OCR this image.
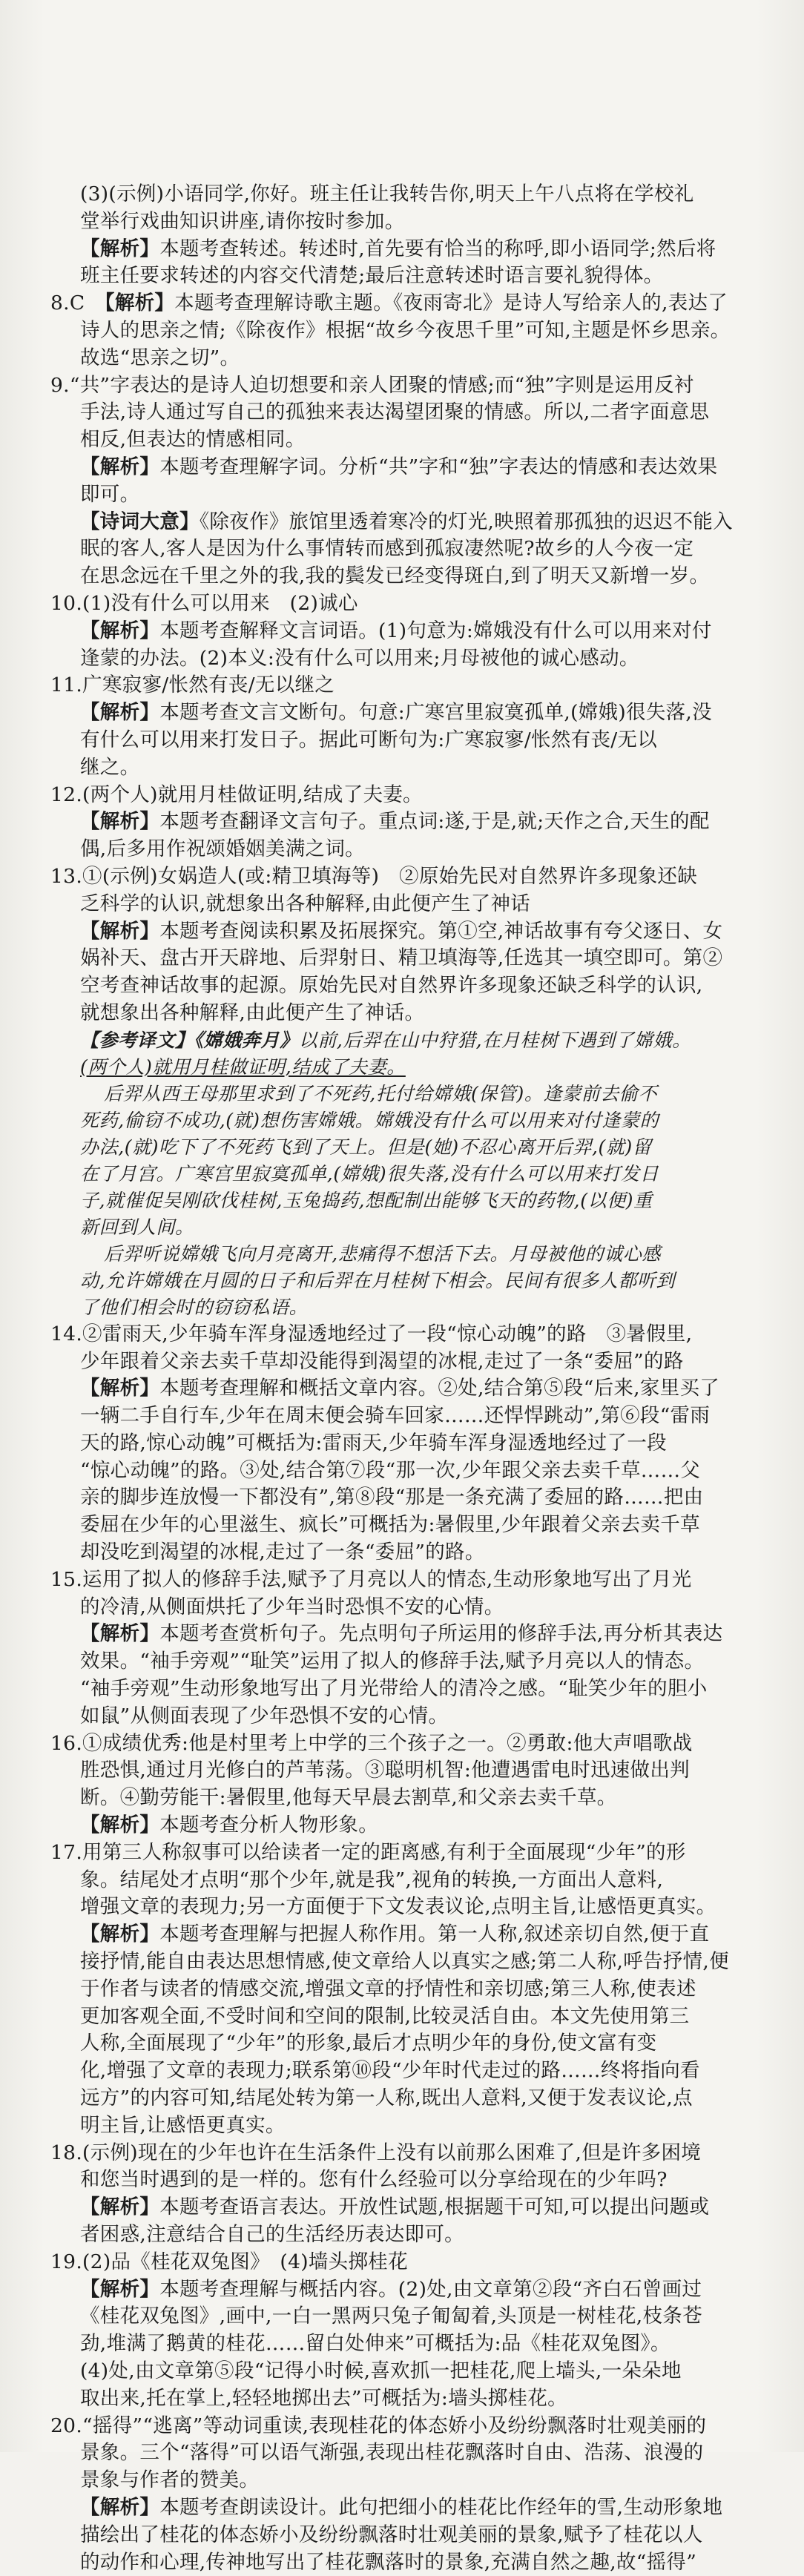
(3)(示例)小语同学,你好。班主任让我转告你,明天上午八点将在学校礼

堂举行戏曲知识讲座,请你按时参加。

【解析】本题考查转述。转述时,首先要有恰当的称呼,即小语同学;然后将

班主任要求转述的内容交代清楚;最后注意转述时语言要礼貌得体。

8.C　【解析】本题考查理解诗歌主题。《夜雨寄北》是诗人写给亲人的,表达了

诗人的思亲之情;《除夜作》根据“故乡今夜思千里”可知,主题是怀乡思亲。

故选“思亲之切”。

9.“共”字表达的是诗人迫切想要和亲人团聚的情感;而“独”字则是运用反衬

手法,诗人通过写自己的孤独来表达渴望团聚的情感。所以,二者字面意思

相反,但表达的情感相同。

【解析】本题考查理解字词。分析“共”字和“独”字表达的情感和表达效果

即可。

【诗词大意】《除夜作》旅馆里透着寒冷的灯光,映照着那孤独的迟迟不能入

眠的客人,客人是因为什么事情转而感到孤寂凄然呢?故乡的人今夜一定

在思念远在千里之外的我,我的鬓发已经变得斑白,到了明天又新增一岁。

10.(1)没有什么可以用来　(2)诚心

【解析】本题考查解释文言词语。(1)句意为:嫦娥没有什么可以用来对付

逢蒙的办法。(2)本义:没有什么可以用来;月母被他的诚心感动。

11.广寒寂寥/怅然有丧/无以继之

【解析】本题考查文言文断句。句意:广寒宫里寂寞孤单,(嫦娥)很失落,没

有什么可以用来打发日子。据此可断句为:广寒寂寥/怅然有丧/无以

继之。

12.(两个人)就用月桂做证明,结成了夫妻。

【解析】本题考查翻译文言句子。重点词:遂,于是,就;天作之合,天生的配

偶,后多用作祝颂婚姻美满之词。

13.①(示例)女娲造人(或:精卫填海等)　②原始先民对自然界许多现象还缺

乏科学的认识,就想象出各种解释,由此便产生了神话

【解析】本题考查阅读积累及拓展探究。第①空,神话故事有夸父逐日、女

娲补天、盘古开天辟地、后羿射日、精卫填海等,任选其一填空即可。第②

空考查神话故事的起源。原始先民对自然界许多现象还缺乏科学的认识,

就想象出各种解释,由此便产生了神话。

【参考译文】《嫦娥奔月》以前,后羿在山中狩猎,在月桂树下遇到了嫦娥。

(两个人)就用月桂做证明,结成了夫妻。

后羿从西王母那里求到了不死药,托付给嫦娥(保管)。逢蒙前去偷不

死药,偷窃不成功,(就)想伤害嫦娥。嫦娥没有什么可以用来对付逢蒙的

办法,(就)吃下了不死药飞到了天上。但是(她)不忍心离开后羿,(就)留

在了月宫。广寒宫里寂寞孤单,(嫦娥)很失落,没有什么可以用来打发日

子,就催促吴刚砍伐桂树,玉兔捣药,想配制出能够飞天的药物,(以便)重

新回到人间。

后羿听说嫦娥飞向月亮离开,悲痛得不想活下去。月母被他的诚心感

动,允许嫦娥在月圆的日子和后羿在月桂树下相会。民间有很多人都听到

了他们相会时的窃窃私语。

14.②雷雨天,少年骑车浑身湿透地经过了一段“惊心动魄”的路　③暑假里,

少年跟着父亲去卖千草却没能得到渴望的冰棍,走过了一条“委屈”的路

【解析】本题考查理解和概括文章内容。②处,结合第⑤段“后来,家里买了

一辆二手自行车,少年在周末便会骑车回家……还悍悍跳动”,第⑥段“雷雨

天的路,惊心动魄”可概括为:雷雨天,少年骑车浑身湿透地经过了一段

“惊心动魄”的路。③处,结合第⑦段“那一次,少年跟父亲去卖千草……父

亲的脚步连放慢一下都没有”,第⑧段“那是一条充满了委屈的路……把由

委屈在少年的心里滋生、疯长”可概括为:暑假里,少年跟着父亲去卖千草

却没吃到渴望的冰棍,走过了一条“委屈”的路。

15.运用了拟人的修辞手法,赋予了月亮以人的情态,生动形象地写出了月光

的冷清,从侧面烘托了少年当时恐惧不安的心情。

【解析】本题考查赏析句子。先点明句子所运用的修辞手法,再分析其表达

效果。“袖手旁观”“耻笑”运用了拟人的修辞手法,赋予月亮以人的情态。

“袖手旁观”生动形象地写出了月光带给人的清冷之感。“耻笑少年的胆小

如鼠”从侧面表现了少年恐惧不安的心情。

16.①成绩优秀:他是村里考上中学的三个孩子之一。②勇敢:他大声唱歌战

胜恐惧,通过月光修白的芦苇荡。③聪明机智:他遭遇雷电时迅速做出判

断。④勤劳能干:暑假里,他每天早晨去割草,和父亲去卖千草。

【解析】本题考查分析人物形象。

17.用第三人称叙事可以给读者一定的距离感,有利于全面展现“少年”的形

象。结尾处才点明“那个少年,就是我”,视角的转换,一方面出人意料,

增强文章的表现力;另一方面便于下文发表议论,点明主旨,让感悟更真实。

【解析】本题考查理解与把握人称作用。第一人称,叙述亲切自然,便于直

接抒情,能自由表达思想情感,使文章给人以真实之感;第二人称,呼告抒情,便

于作者与读者的情感交流,增强文章的抒情性和亲切感;第三人称,使表述

更加客观全面,不受时间和空间的限制,比较灵活自由。本文先使用第三

人称,全面展现了“少年”的形象,最后才点明少年的身份,使文富有变

化,增强了文章的表现力;联系第⑩段“少年时代走过的路……终将指向看

远方”的内容可知,结尾处转为第一人称,既出人意料,又便于发表议论,点

明主旨,让感悟更真实。

18.(示例)现在的少年也许在生活条件上没有以前那么困难了,但是许多困境

和您当时遇到的是一样的。您有什么经验可以分享给现在的少年吗?

【解析】本题考查语言表达。开放性试题,根据题干可知,可以提出问题或

者困惑,注意结合自己的生活经历表达即可。

19.(2)品《桂花双兔图》　(4)墙头掷桂花

【解析】本题考查理解与概括内容。(2)处,由文章第②段“齐白石曾画过

《桂花双兔图》,画中,一白一黑两只兔子匍匐着,头顶是一树桂花,枝条苍

劲,堆满了鹅黄的桂花……留白处伸来”可概括为:品《桂花双兔图》。

(4)处,由文章第⑤段“记得小时候,喜欢抓一把桂花,爬上墙头,一朵朵地

取出来,托在掌上,轻轻地掷出去”可概括为:墙头掷桂花。

20.“摇得”“逃离”等动词重读,表现桂花的体态娇小及纷纷飘落时壮观美丽的

景象。三个“落得”可以语气渐强,表现出桂花飘落时自由、浩荡、浪漫的

景象与作者的赞美。

【解析】本题考查朗读设计。此句把细小的桂花比作经年的雪,生动形象地

描绘出了桂花的体态娇小及纷纷飘落时壮观美丽的景象,赋予了桂花以人

的动作和心理,传神地写出了桂花飘落时的景象,充满自然之趣,故“摇得”
